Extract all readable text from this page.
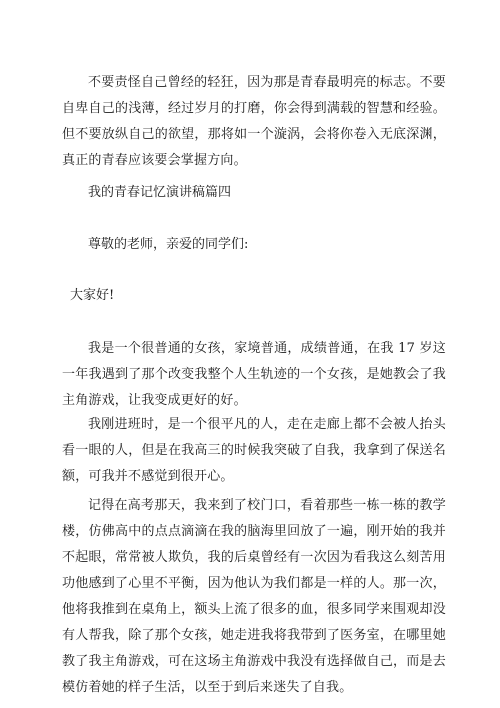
不要责怪自己曾经的轻狂，因为那是青春最明亮的标志。不要自卑自己的浅薄，经过岁月的打磨，你会得到满载的智慧和经验。但不要放纵自己的欲望，那将如一个漩涡，会将你卷入无底深渊，真正的青春应该要会掌握方向。

我的青春记忆演讲稿篇四
尊敬的老师，亲爱的同学们:
大家好!

我是一个很普通的女孩，家境普通，成绩普通，在我 17 岁这一年我遇到了那个改变我整个人生轨迹的一个女孩，是她教会了我主角游戏，让我变成更好的好。

我刚进班时，是一个很平凡的人，走在走廊上都不会被人抬头看一眼的人，但是在我高三的时候我突破了自我，我拿到了保送名额，可我并不感觉到很开心。

记得在高考那天，我来到了校门口，看着那些一栋一栋的教学楼，仿佛高中的点点滴滴在我的脑海里回放了一遍，刚开始的我并不起眼，常常被人欺负，我的后桌曾经有一次因为看我这么刻苦用功他感到了心里不平衡，因为他认为我们都是一样的人。那一次，他将我推到在桌角上，额头上流了很多的血，很多同学来围观却没有人帮我，除了那个女孩，她走进我将我带到了医务室，在哪里她教了我主角游戏，可在这场主角游戏中我没有选择做自己，而是去模仿着她的样子生活，以至于到后来迷失了自我。
